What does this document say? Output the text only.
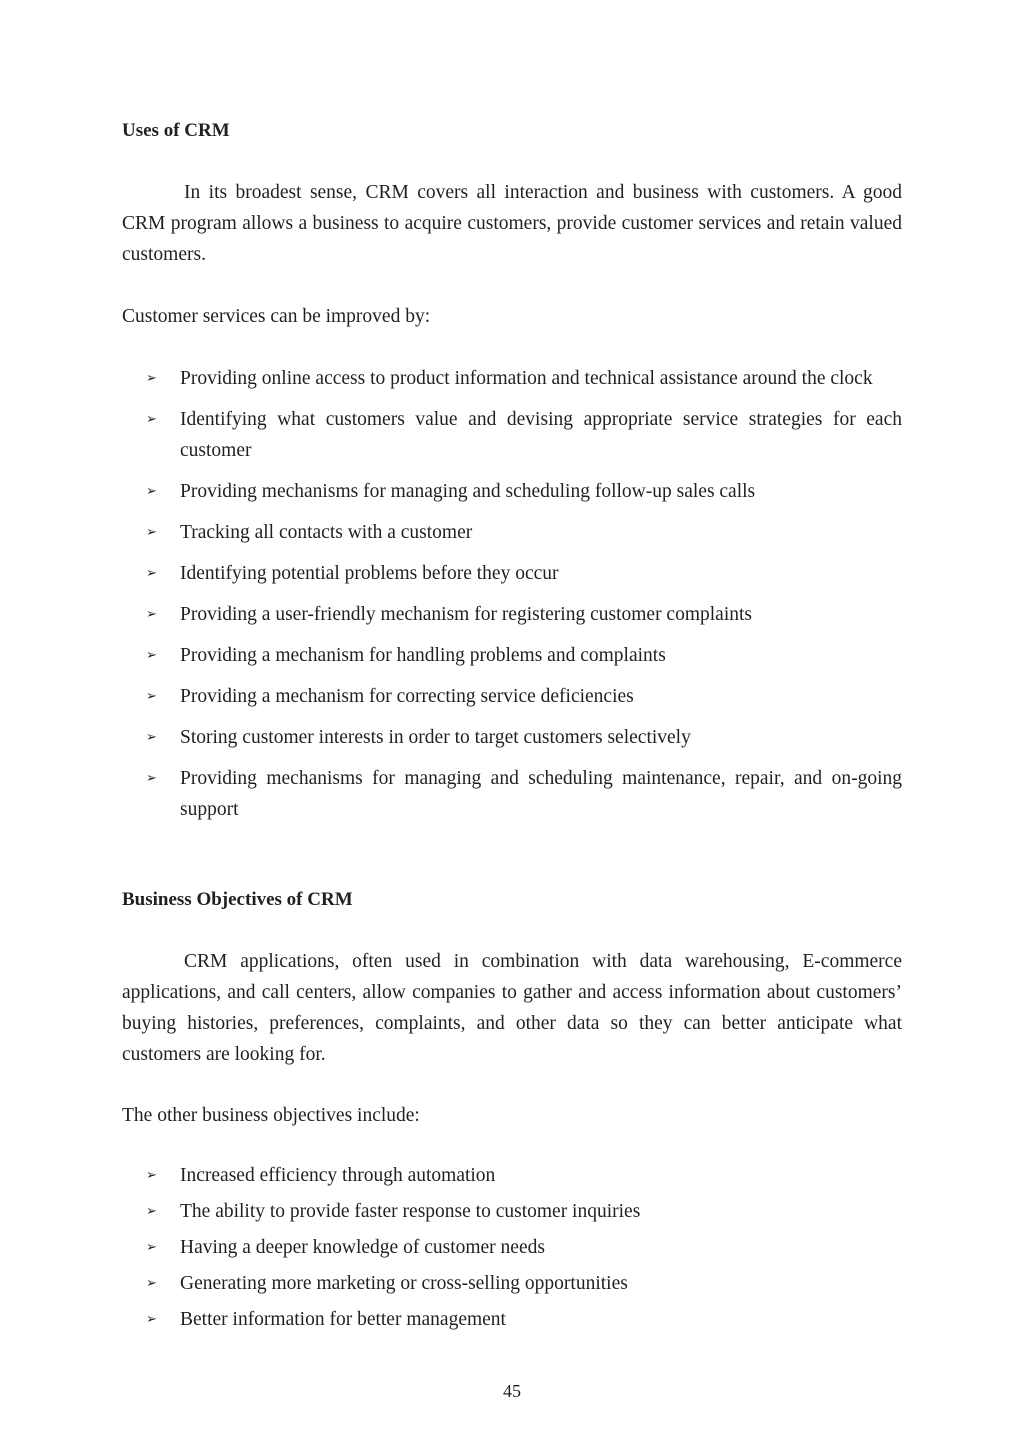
Uses of CRM

In its broadest sense, CRM covers all interaction and business with customers. A good CRM program allows a business to acquire customers, provide customer services and retain valued customers.

Customer services can be improved by:
➢ Providing online access to product information and technical assistance around the clock
➢ Identifying what customers value and devising appropriate service strategies for each customer
➢ Providing mechanisms for managing and scheduling follow-up sales calls
➢ Tracking all contacts with a customer
➢ Identifying potential problems before they occur
➢ Providing a user-friendly mechanism for registering customer complaints
➢ Providing a mechanism for handling problems and complaints
➢ Providing a mechanism for correcting service deficiencies
➢ Storing customer interests in order to target customers selectively
➢ Providing mechanisms for managing and scheduling maintenance, repair, and on-going support
Business Objectives of CRM

CRM applications, often used in combination with data warehousing, E-commerce applications, and call centers, allow companies to gather and access information about customers’ buying histories, preferences, complaints, and other data so they can better anticipate what customers are looking for.

The other business objectives include:
➢ Increased efficiency through automation
➢ The ability to provide faster response to customer inquiries
➢ Having a deeper knowledge of customer needs
➢ Generating more marketing or cross-selling opportunities
➢ Better information for better management
45
